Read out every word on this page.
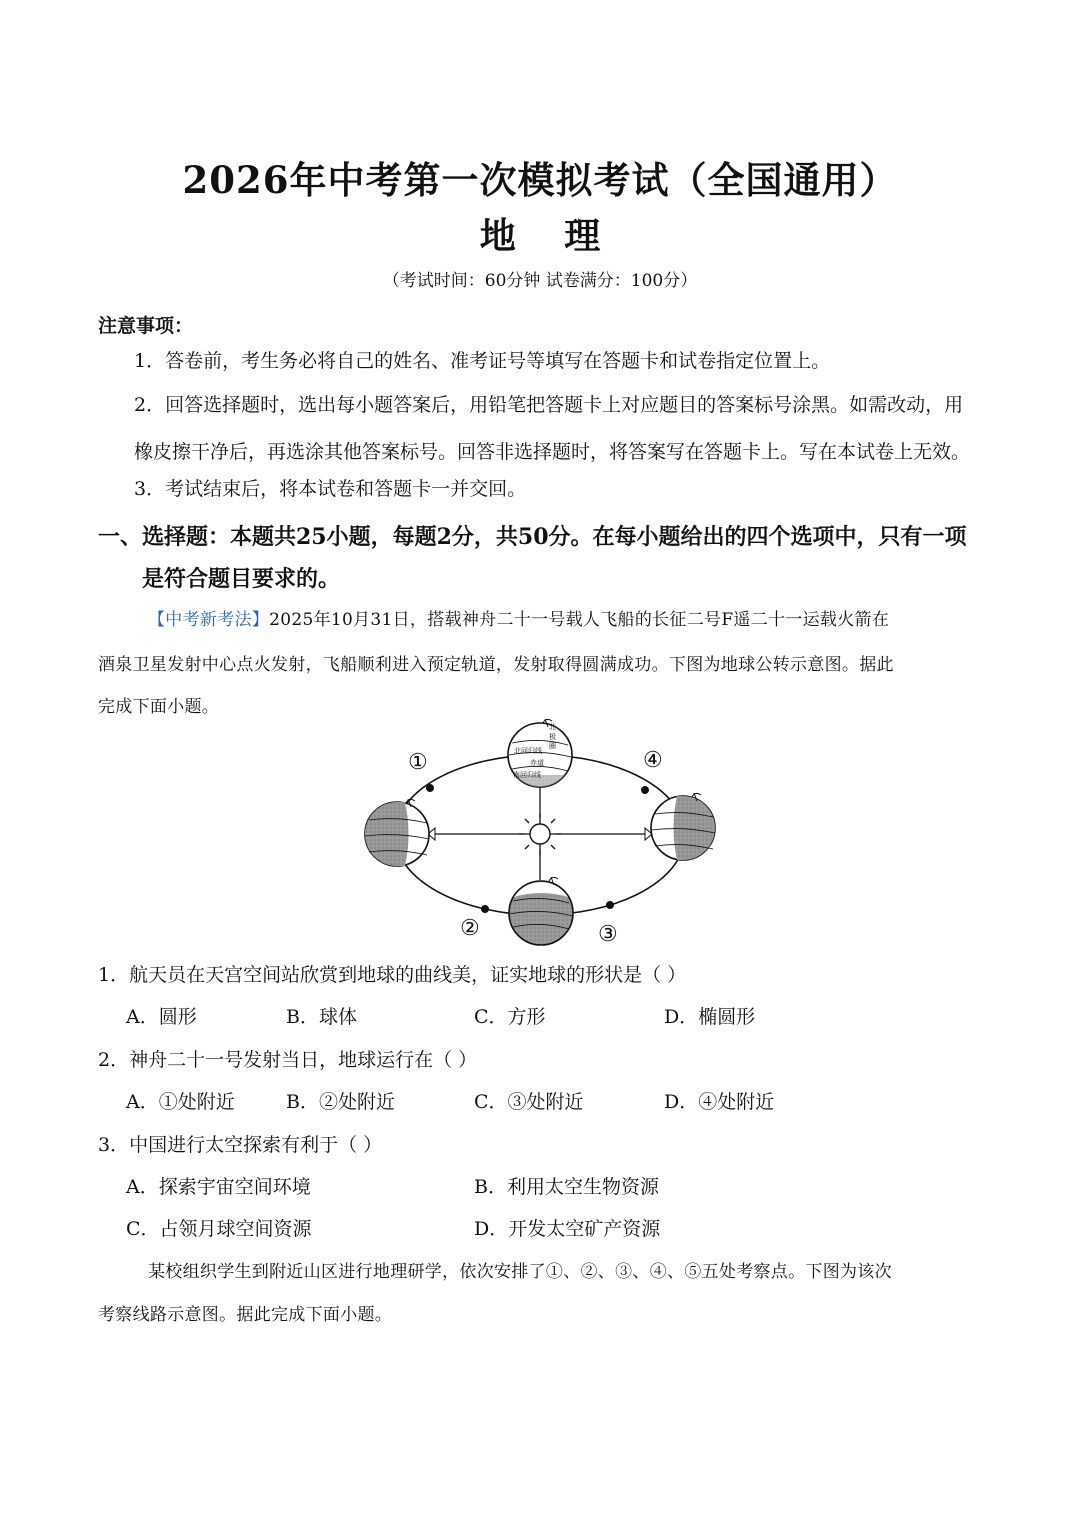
2026年中考第一次模拟考试（全国通用）
地 理
（考试时间：60分钟 试卷满分：100分）
注意事项：
1．答卷前，考生务必将自己的姓名、准考证号等填写在答题卡和试卷指定位置上。
2．回答选择题时，选出每小题答案后，用铅笔把答题卡上对应题目的答案标号涂黑。如需改动，用
橡皮擦干净后，再选涂其他答案标号。回答非选择题时，将答案写在答题卡上。写在本试卷上无效。
3．考试结束后，将本试卷和答题卡一并交回。
一、选择题：本题共25小题，每题2分，共50分。在每小题给出的四个选项中，只有一项
是符合题目要求的。
【中考新考法】2025年10月31日，搭载神舟二十一号载人飞船的长征二号F遥二十一运载火箭在
酒泉卫星发射中心点火发射，飞船顺利进入预定轨道，发射取得圆满成功。下图为地球公转示意图。据此
完成下面小题。
北
极
圈
北回归线
赤道
南回归线
①
②	③
④
1．航天员在天宫空间站欣赏到地球的曲线美，证实地球的形状是（ ）
A．圆形	B．球体	C．方形	D．椭圆形
2．神舟二十一号发射当日，地球运行在（ ）
A．①处附近	B．②处附近	C．③处附近	D．④处附近
3．中国进行太空探索有利于（ ）
A．探索宇宙空间环境	B．利用太空生物资源
C．占领月球空间资源	D．开发太空矿产资源
某校组织学生到附近山区进行地理研学，依次安排了①、②、③、④、⑤五处考察点。下图为该次
考察线路示意图。据此完成下面小题。
